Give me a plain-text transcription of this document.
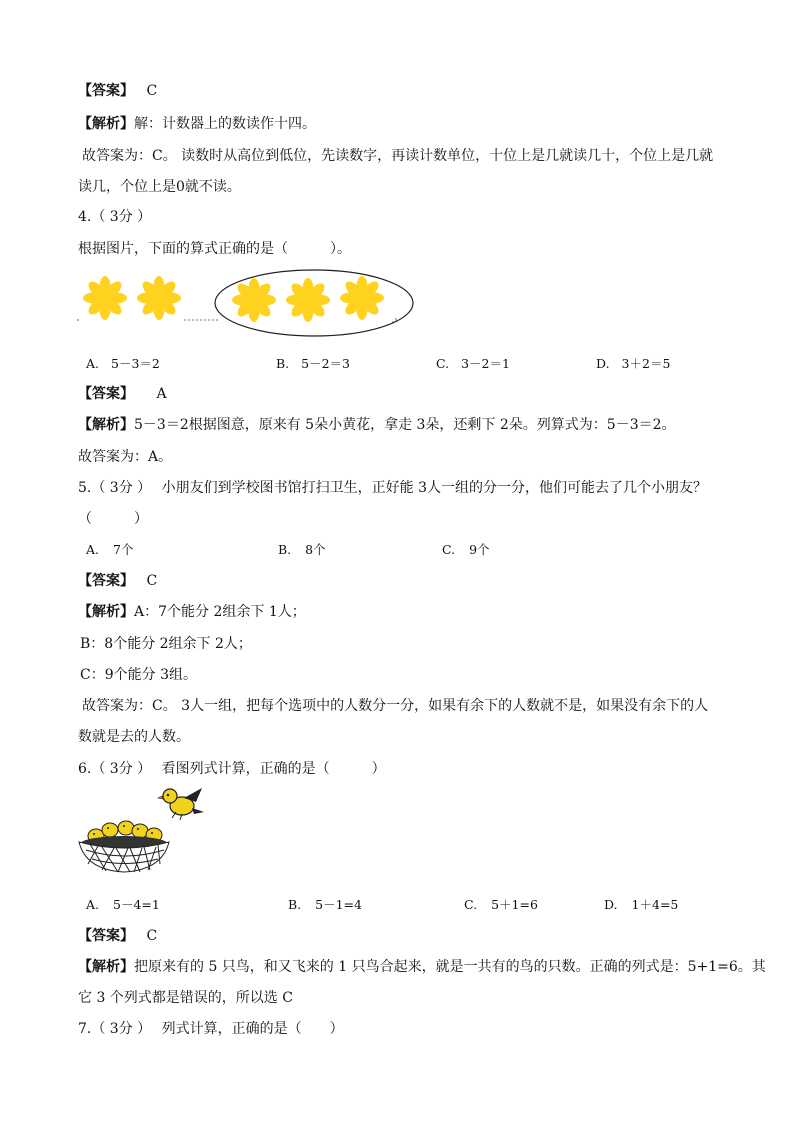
【答案】 C
【解析】解：计数器上的数读作十四。
故答案为：C。 读数时从高位到低位，先读数字，再读计数单位，十位上是几就读几十，个位上是几就
读几，个位上是0就不读。
4.（ 3分 ）
根据图片，下面的算式正确的是（　　　）。
A. 5－3＝2	B. 5－2＝3	C. 3－2＝1	D. 3＋2＝5
【答案】 A
【解析】5－3＝2根据图意，原来有 5朵小黄花，拿走 3朵，还剩下 2朵。列算式为：5－3＝2。
故答案为：A。
5.（ 3分 ） 小朋友们到学校图书馆打扫卫生，正好能 3人一组的分一分，他们可能去了几个小朋友？
（　　　）
A. 7个	B. 8个	C. 9个
【答案】 C
【解析】A：7个能分 2组余下 1人；
B：8个能分 2组余下 2人；
C：9个能分 3组。
故答案为：C。 3人一组，把每个选项中的人数分一分，如果有余下的人数就不是，如果没有余下的人
数就是去的人数。
6.（ 3分 ） 看图列式计算，正确的是（　　　）
A. 5－4=1	B. 5－1=4	C. 5＋1=6	D. 1＋4=5
【答案】 C
【解析】把原来有的 5 只鸟，和又飞来的 1 只鸟合起来，就是一共有的鸟的只数。正确的列式是：5+1=6。其
它 3 个列式都是错误的，所以选 C
7.（ 3分 ） 列式计算，正确的是（　　）
